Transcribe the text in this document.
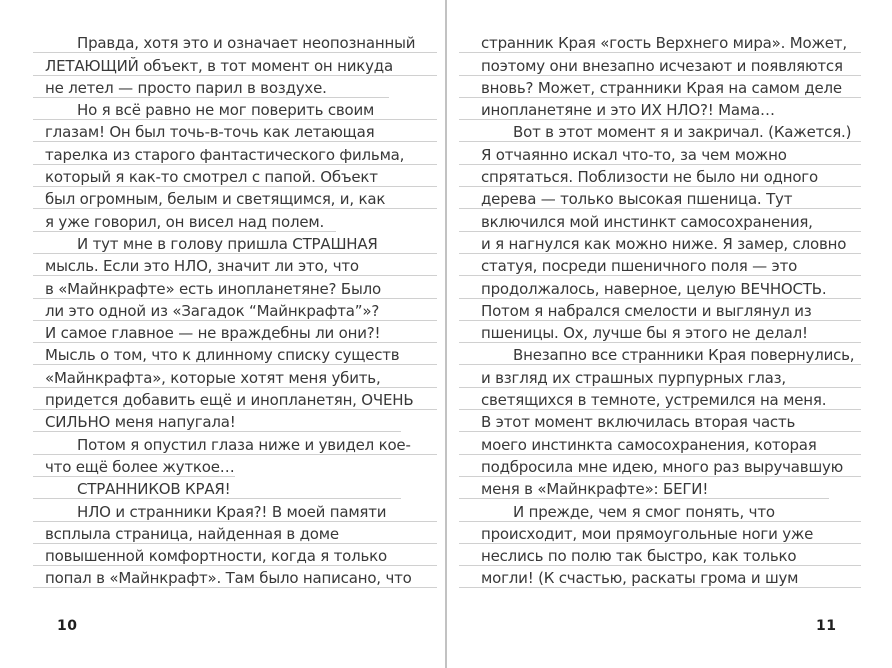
Правда, хотя это и означает неопознанный
ЛЕТАЮЩИЙ объект, в тот момент он никуда
не летел — просто парил в воздухе.
Но я всё равно не мог поверить своим
глазам! Он был точь-в-точь как летающая
тарелка из старого фантастического фильма,
который я как-то смотрел с папой. Объект
был огромным, белым и светящимся, и, как
я уже говорил, он висел над полем.
И тут мне в голову пришла СТРАШНАЯ
мысль. Если это НЛО, значит ли это, что
в «Майнкрафте» есть инопланетяне? Было
ли это одной из «Загадок “Майнкрафта”»?
И самое главное — не враждебны ли они?!
Мысль о том, что к длинному списку существ
«Майнкрафта», которые хотят меня убить,
придется добавить ещё и инопланетян, ОЧЕНЬ
СИЛЬНО меня напугала!
Потом я опустил глаза ниже и увидел кое-
что ещё более жуткое…
СТРАННИКОВ КРАЯ!
НЛО и странники Края?! В моей памяти
всплыла страница, найденная в доме
повышенной комфортности, когда я только
попал в «Майнкрафт». Там было написано, что
странник Края «гость Верхнего мира». Может,
поэтому они внезапно исчезают и появляются
вновь? Может, странники Края на самом деле
инопланетяне и это ИХ НЛО?! Мама…
Вот в этот момент я и закричал. (Кажется.)
Я отчаянно искал что-то, за чем можно
спрятаться. Поблизости не было ни одного
дерева — только высокая пшеница. Тут
включился мой инстинкт самосохранения,
и я нагнулся как можно ниже. Я замер, словно
статуя, посреди пшеничного поля — это
продолжалось, наверное, целую ВЕЧНОСТЬ.
Потом я набрался смелости и выглянул из
пшеницы. Ох, лучше бы я этого не делал!
Внезапно все странники Края повернулись,
и взгляд их страшных пурпурных глаз,
светящихся в темноте, устремился на меня.
В этот момент включилась вторая часть
моего инстинкта самосохранения, которая
подбросила мне идею, много раз выручавшую
меня в «Майнкрафте»: БЕГИ!
И прежде, чем я смог понять, что
происходит, мои прямоугольные ноги уже
неслись по полю так быстро, как только
могли! (К счастью, раскаты грома и шум
10	11
